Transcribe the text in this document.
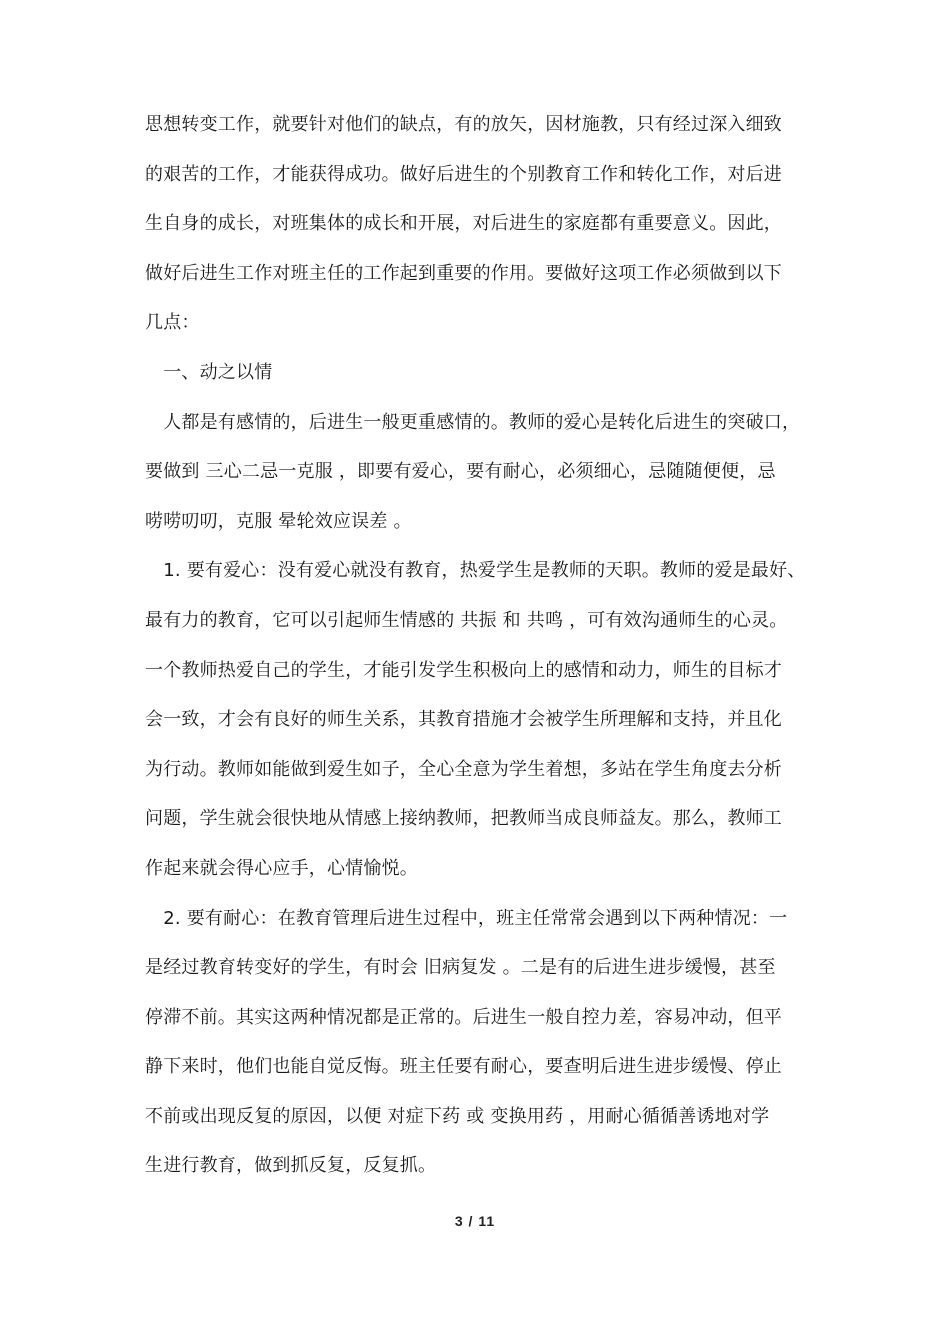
思想转变工作，就要针对他们的缺点，有的放矢，因材施教，只有经过深入细致
的艰苦的工作，才能获得成功。做好后进生的个别教育工作和转化工作，对后进
生自身的成长，对班集体的成长和开展，对后进生的家庭都有重要意义。因此，
做好后进生工作对班主任的工作起到重要的作用。要做好这项工作必须做到以下
几点：
　一、动之以情
　人都是有感情的，后进生一般更重感情的。教师的爱心是转化后进生的突破口，
要做到 三心二忌一克服 ，即要有爱心，要有耐心，必须细心，忌随随便便，忌
唠唠叨叨，克服 晕轮效应误差 。
　1. 要有爱心：没有爱心就没有教育，热爱学生是教师的天职。教师的爱是最好、
最有力的教育，它可以引起师生情感的 共振 和 共鸣 ，可有效沟通师生的心灵。
一个教师热爱自己的学生，才能引发学生积极向上的感情和动力，师生的目标才
会一致，才会有良好的师生关系，其教育措施才会被学生所理解和支持，并且化
为行动。教师如能做到爱生如子，全心全意为学生着想，多站在学生角度去分析
问题，学生就会很快地从情感上接纳教师，把教师当成良师益友。那么，教师工
作起来就会得心应手，心情愉悦。
　2. 要有耐心：在教育管理后进生过程中，班主任常常会遇到以下两种情况：一
是经过教育转变好的学生，有时会 旧病复发 。二是有的后进生进步缓慢，甚至
停滞不前。其实这两种情况都是正常的。后进生一般自控力差，容易冲动，但平
静下来时，他们也能自觉反悔。班主任要有耐心，要查明后进生进步缓慢、停止
不前或出现反复的原因，以便 对症下药 或 变换用药 ，用耐心循循善诱地对学
生进行教育，做到抓反复，反复抓。
3 / 11
